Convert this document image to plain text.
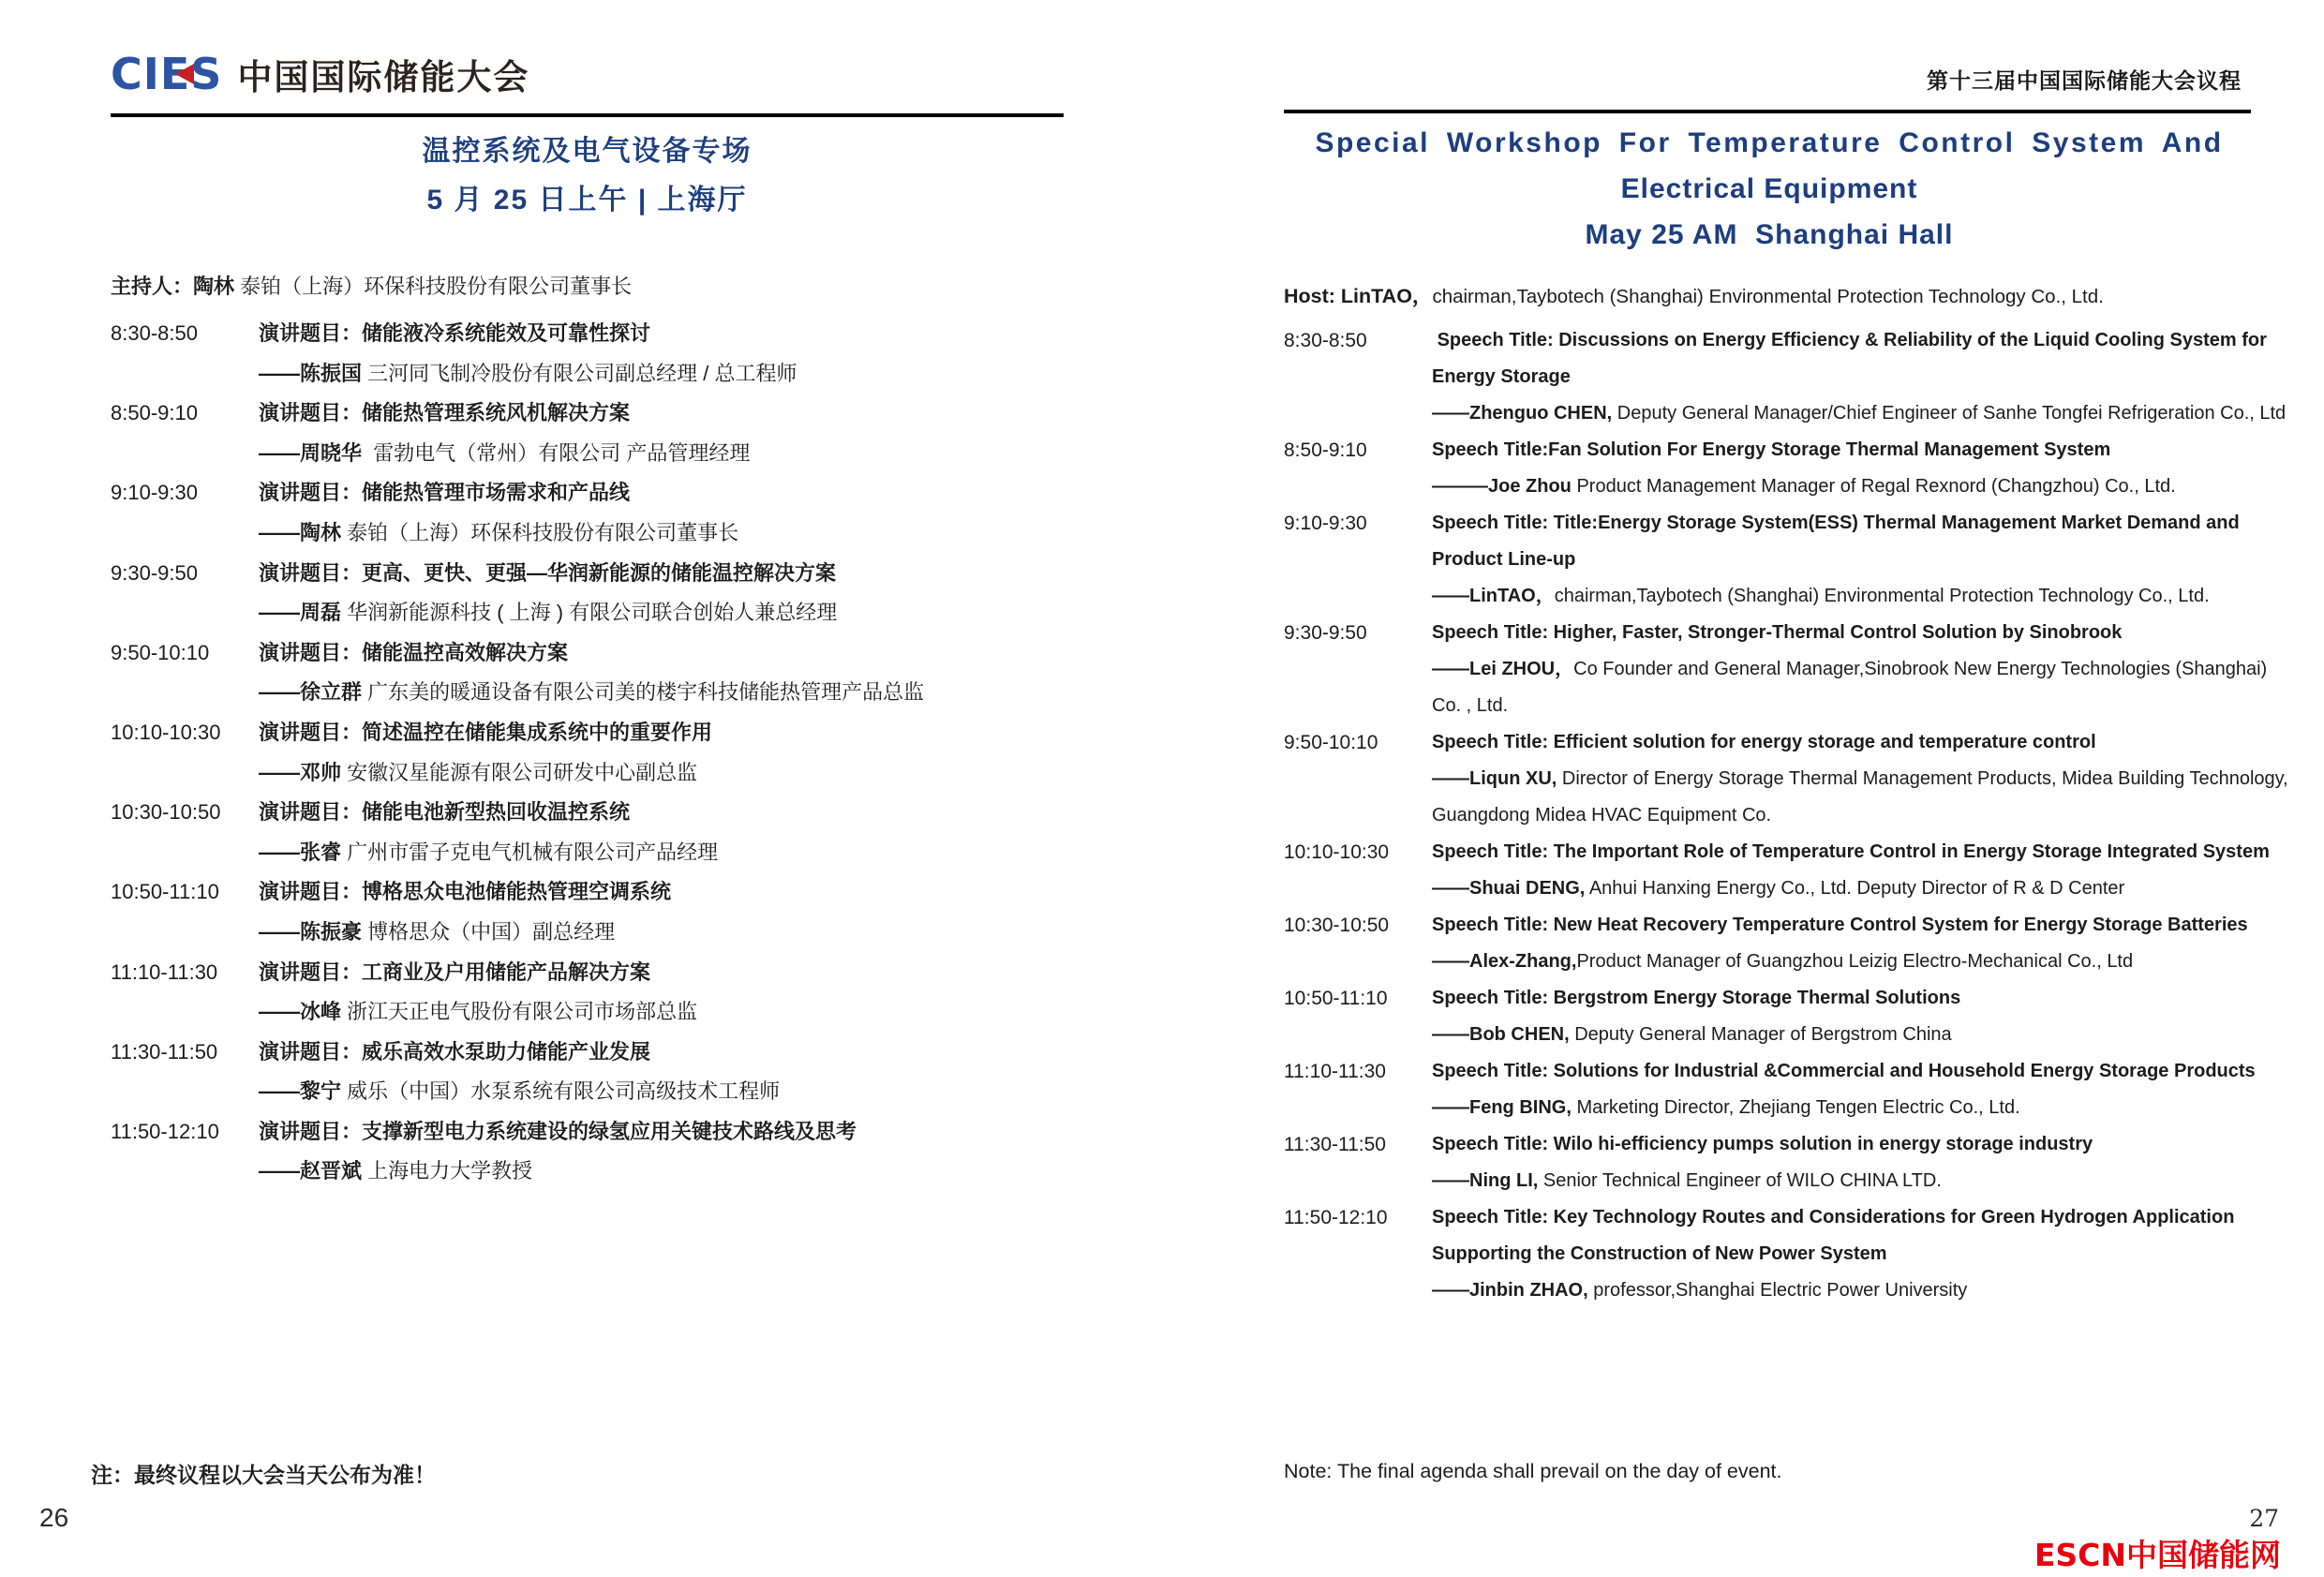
CIES 中国国际储能大会
温控系统及电气设备专场
5 月 25 日上午 | 上海厅
主持人：陶林 泰铂（上海）环保科技股份有限公司董事长
8:30-8:50	演讲题目：储能液冷系统能效及可靠性探讨
——陈振国 三河同飞制冷股份有限公司副总经理 / 总工程师
8:50-9:10	演讲题目：储能热管理系统风机解决方案
——周晓华  雷勃电气（常州）有限公司 产品管理经理
9:10-9:30	演讲题目：储能热管理市场需求和产品线
——陶林 泰铂（上海）环保科技股份有限公司董事长
9:30-9:50	演讲题目：更高、更快、更强—华润新能源的储能温控解决方案
——周磊 华润新能源科技 ( 上海 ) 有限公司联合创始人兼总经理
9:50-10:10	演讲题目：储能温控高效解决方案
——徐立群 广东美的暖通设备有限公司美的楼宇科技储能热管理产品总监
10:10-10:30	演讲题目：简述温控在储能集成系统中的重要作用
——邓帅 安徽汉星能源有限公司研发中心副总监
10:30-10:50	演讲题目：储能电池新型热回收温控系统
——张睿 广州市雷子克电气机械有限公司产品经理
10:50-11:10	演讲题目：博格思众电池储能热管理空调系统
——陈振豪 博格思众（中国）副总经理
11:10-11:30	演讲题目：工商业及户用储能产品解决方案
——冰峰 浙江天正电气股份有限公司市场部总监
11:30-11:50	演讲题目：威乐高效水泵助力储能产业发展
——黎宁 威乐（中国）水泵系统有限公司高级技术工程师
11:50-12:10	演讲题目：支撑新型电力系统建设的绿氢应用关键技术路线及思考
——赵晋斌 上海电力大学教授
注：最终议程以大会当天公布为准！
26
第十三届中国国际储能大会议程
Special Workshop For Temperature Control System And
Electrical Equipment
May 25 AM  Shanghai Hall
Host: LinTAO，chairman,Taybotech (Shanghai) Environmental Protection Technology Co., Ltd.
8:30-8:50	Speech Title: Discussions on Energy Efficiency & Reliability of the Liquid Cooling System for Energy Storage
——Zhenguo CHEN, Deputy General Manager/Chief Engineer of Sanhe Tongfei Refrigeration Co., Ltd
8:50-9:10	Speech Title:Fan Solution For Energy Storage Thermal Management System
———Joe Zhou Product Management Manager of Regal Rexnord (Changzhou) Co., Ltd.
9:10-9:30	Speech Title: Title:Energy Storage System(ESS) Thermal Management Market Demand and Product Line-up
——LinTAO，chairman,Taybotech (Shanghai) Environmental Protection Technology Co., Ltd.
9:30-9:50	Speech Title: Higher, Faster, Stronger-Thermal Control Solution by Sinobrook
——Lei ZHOU，Co Founder and General Manager,Sinobrook New Energy Technologies (Shanghai) Co. , Ltd.
9:50-10:10	Speech Title: Efficient solution for energy storage and temperature control
——Liqun XU, Director of Energy Storage Thermal Management Products, Midea Building Technology, Guangdong Midea HVAC Equipment Co.
10:10-10:30	Speech Title: The Important Role of Temperature Control in Energy Storage Integrated System
——Shuai DENG, Anhui Hanxing Energy Co., Ltd. Deputy Director of R & D Center
10:30-10:50	Speech Title: New Heat Recovery Temperature Control System for Energy Storage Batteries
——Alex-Zhang,Product Manager of Guangzhou Leizig Electro-Mechanical Co., Ltd
10:50-11:10	Speech Title: Bergstrom Energy Storage Thermal Solutions
——Bob CHEN, Deputy General Manager of Bergstrom China
11:10-11:30	Speech Title: Solutions for Industrial &Commercial and Household Energy Storage Products
——Feng BING, Marketing Director, Zhejiang Tengen Electric Co., Ltd.
11:30-11:50	Speech Title: Wilo hi-efficiency pumps solution in energy storage industry
——Ning LI, Senior Technical Engineer of WILO CHINA LTD.
11:50-12:10	Speech Title: Key Technology Routes and Considerations for Green Hydrogen Application Supporting the Construction of New Power System
——Jinbin ZHAO, professor,Shanghai Electric Power University
Note: The final agenda shall prevail on the day of event.
27
ESCN中国储能网
